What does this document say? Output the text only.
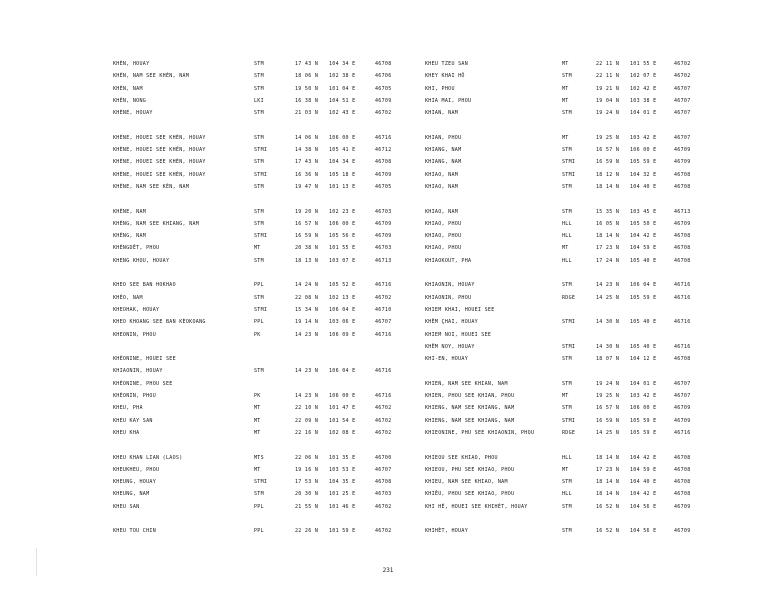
KHÈN, HOUAY	STM	17 43 N 104 34 E	46708
KHÈN, NAM SEE KHÈN, NAM	STM	18 06 N 102 38 E	46706
KHÈN, NAM	STM	19 50 N 101 04 E	46705
KHÈN, NONG	LKI	16 38 N 104 51 E	46709
KHÈNE, HOUAY	STM	21 03 N 102 43 E	46702
KHÈNE, HOUEI SEE KHÈN, HOUAY	STM	14 06 N 106 00 E	46716
KHÈNE, HOUEI SEE KHÈN, HOUAY	STMI	14 38 N 105 41 E	46712
KHÈNE, HOUEI SEE KHÈN, HOUAY	STM	17 43 N 104 34 E	46708
KHÈNE, HOUEI SEE KHÈN, HOUAY	STMI	16 36 N 105 18 E	46709
KHÈNE, NAM SEE KÈN, NAM	STM	19 47 N 101 13 E	46705
KHÈNE, NAM	STM	19 20 N 102 23 E	46703
KHÈNG, NAM SEE KHIANG, NAM	STM	16 57 N 106 00 E	46709
KHÈNG, NAM	STMI	16 59 N 105 56 E	46709
KHÈNGDÊT, PHOU	MT	20 38 N 101 55 E	46703
KHENG KHOU, HOUAY	STM	18 13 N 103 07 E	46713
KHEO SEE BAN HOKHAO	PPL	14 24 N 105 52 E	46716
KHÈO, NAM	STM	22 08 N 102 13 E	46702
KHEOHAK, HOUAY	STMI	15 34 N 106 04 E	46710
KHEO KHOANG SEE BAN KÈOKOANG	PPL	19 14 N 103 06 E	46707
KHEONIN, PHOU	PK	14 23 N 106 09 E	46716
KHÈONINE, HOUEI SEE
KHIAONIN, HOUAY	STM	14 23 N 106 04 E	46716
KHÈONINE, PHOU SEE
KHÈONIN, PHOU	PK	14 23 N 106 00 E	46716
KHEU, PHA	MT	22 10 N 101 47 E	46702
KHEU KAY SAN	MT	22 09 N 101 54 E	46702
KHEU KHA	MT	22 16 N 102 08 E	46702
KHEU KHAN LIAN (LAOS)	MTS	22 06 N 101 35 E	46700
KHEUKHEU, PHOU	MT	19 16 N 103 53 E	46707
KHEUNG, HOUAY	STMI	17 53 N 104 35 E	46708
KHEUNG, NAM	STM	20 30 N 101 25 E	46703
KHEU SAN	PPL	21 55 N 101 46 E	46702
KHEU TOU CHIN	PPL	22 26 N 101 59 E	46702
KHEU TZEU SAN	MT	22 11 N 101 55 E	46702
KHEY KHAI HÔ	STM	22 11 N 102 07 E	46702
KHI, PHOU	MT	19 21 N 102 42 E	46707
KHIA MAI, PHOU	MT	19 04 N 103 38 E	46707
KHIAN, NAM	STM	19 24 N 104 01 E	46707
KHIAN, PHOU	MT	19 25 N 103 42 E	46707
KHIANG, NAM	STM	16 57 N 106 00 E	46709
KHIANG, NAM	STMI	16 59 N 105 59 E	46709
KHIAO, NAM	STMI	18 12 N 104 32 E	46708
KHIAO, NAM	STM	18 14 N 104 40 E	46708
KHIAO, NAM	STM	15 35 N 103 45 E	46713
KHIAO, PHOU	HLL	16 05 N 105 50 E	46709
KHIAO, PHOU	HLL	18 14 N 104 42 E	46708
KHIAO, PHOU	MT	17 23 N 104 59 E	46708
KHIAOKOUT, PHA	HLL	17 24 N 105 40 E	46708
KHIAONIN, HOUAY	STM	14 23 N 106 04 E	46716
KHIAONIN, PHOU	RDGE	14 25 N 105 59 E	46716
KHIEM KHAI, HOUEI SEE
KHÊM ÇHAI, HOUAY	STMI	14 30 N 105 40 E	46716
KHIEM NOI, HOUEI SEE
KHÊM NOY, HOUAY	STMI	14 30 N 105 40 E	46716
KHI-EN, HOUAY	STM	18 07 N 104 12 E	46708
KHIEN, NAM SEE KHIAN, NAM	STM	19 24 N 104 01 E	46707
KHIEN, PHOU SEE KHIAN, PHOU	MT	19 25 N 103 42 E	46707
KHIENG, NAM SEE KHIANG, NAM	STM	16 57 N 106 00 E	46709
KHIENG, NAM SEE KHIANG, NAM	STMI	16 59 N 105 59 E	46709
KHIEONINE, PHU SEE KHIAONIN, PHOU	RDGE	14 25 N 105 59 E	46716
KHIEOU SEE KHIAO, PHOU	HLL	18 14 N 104 42 E	46708
KHIEOU, PHU SEE KHIAO, PHOU	MT	17 23 N 104 59 E	46708
KHIEU, NAM SEE KHIAO, NAM	STM	18 14 N 104 40 E	46708
KHIÊU, PHOU SEE KHIAO, PHOU	HLL	18 14 N 104 42 E	46708
KHI HÉ, HOUEI SEE KHIHÈT, HOUAY	STM	16 52 N 104 56 E	46709
KHIHÈT, HOUAY	STM	16 52 N 104 56 E	46709
231
